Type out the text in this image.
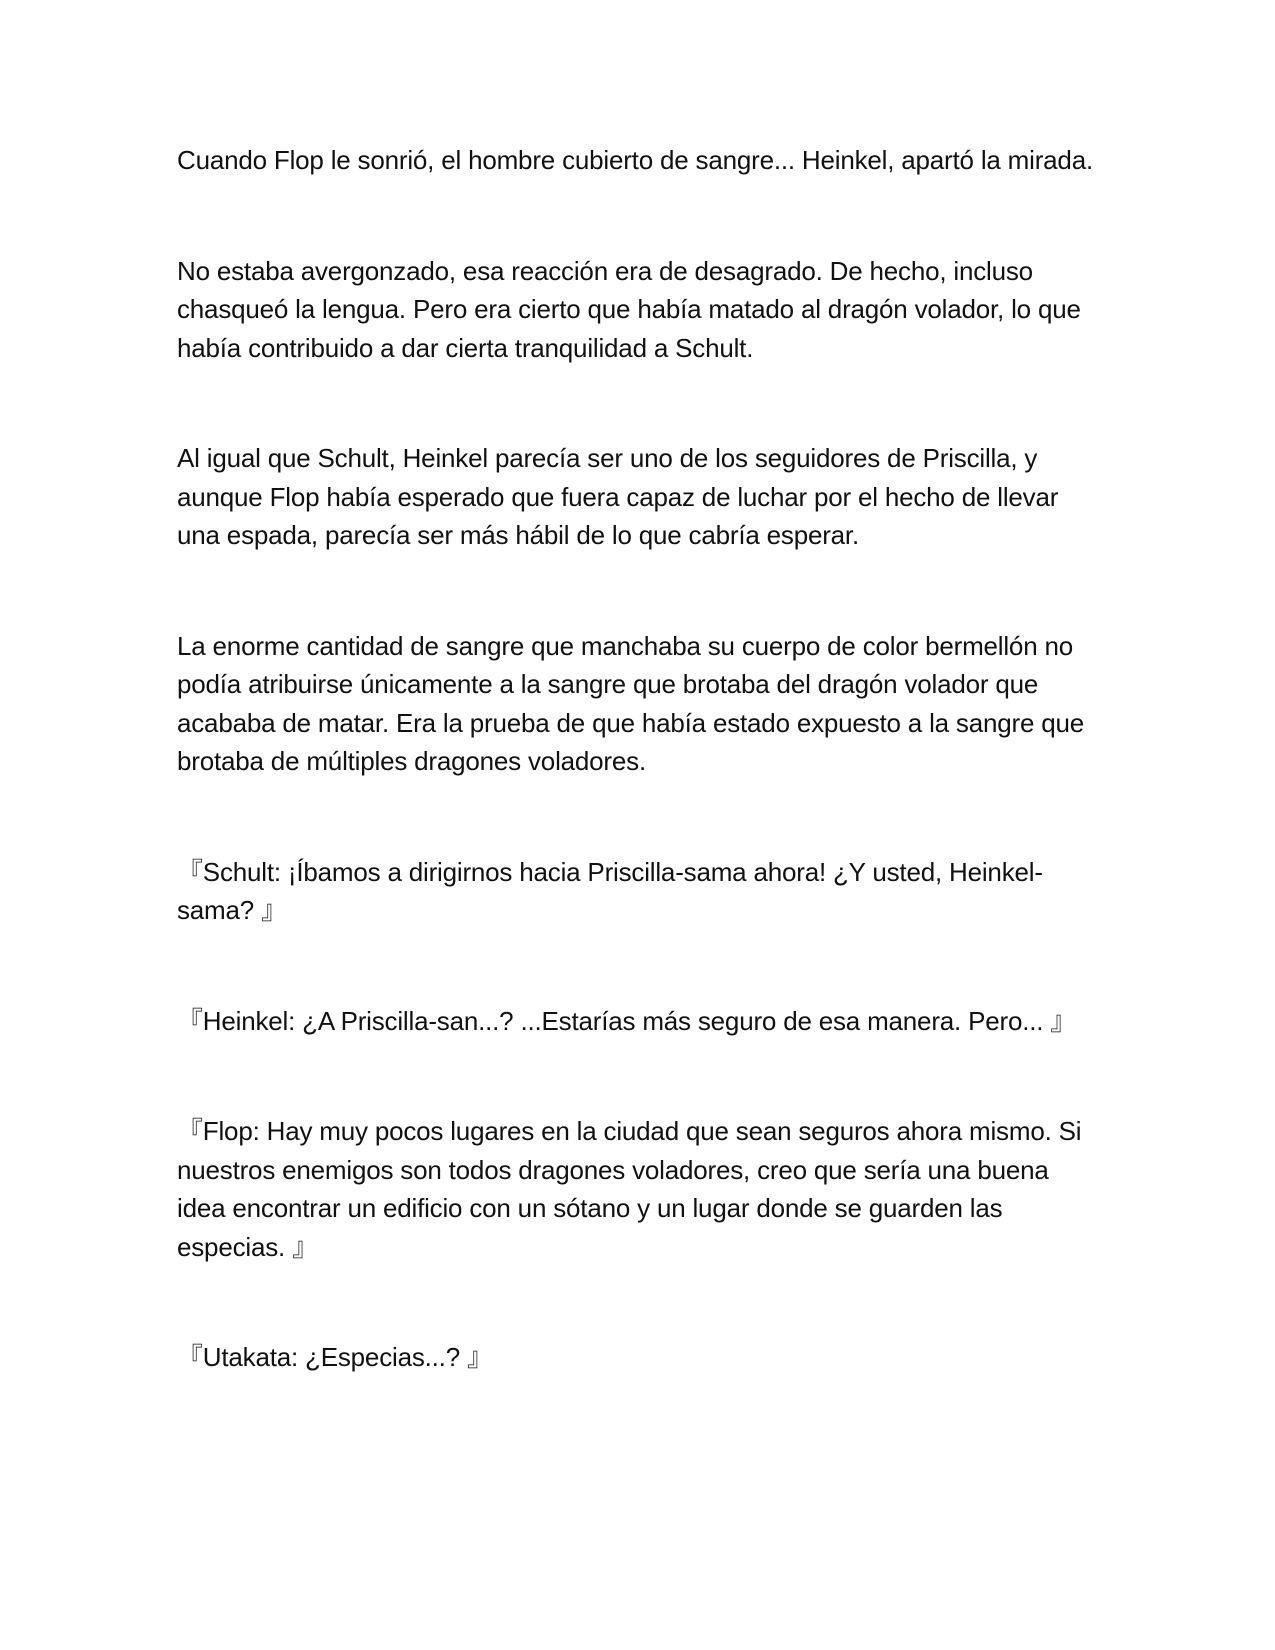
Cuando Flop le sonrió, el hombre cubierto de sangre... Heinkel, apartó la mirada.

No estaba avergonzado, esa reacción era de desagrado. De hecho, incluso chasqueó la lengua. Pero era cierto que había matado al dragón volador, lo que había contribuido a dar cierta tranquilidad a Schult.

Al igual que Schult, Heinkel parecía ser uno de los seguidores de Priscilla, y aunque Flop había esperado que fuera capaz de luchar por el hecho de llevar una espada, parecía ser más hábil de lo que cabría esperar.

La enorme cantidad de sangre que manchaba su cuerpo de color bermellón no podía atribuirse únicamente a la sangre que brotaba del dragón volador que acababa de matar. Era la prueba de que había estado expuesto a la sangre que brotaba de múltiples dragones voladores.

『Schult: ¡Íbamos a dirigirnos hacia Priscilla-sama ahora! ¿Y usted, Heinkel-sama? 』

『Heinkel: ¿A Priscilla-san...? ...Estarías más seguro de esa manera. Pero... 』

『Flop: Hay muy pocos lugares en la ciudad que sean seguros ahora mismo. Si nuestros enemigos son todos dragones voladores, creo que sería una buena idea encontrar un edificio con un sótano y un lugar donde se guarden las especias. 』

『Utakata: ¿Especias...? 』
